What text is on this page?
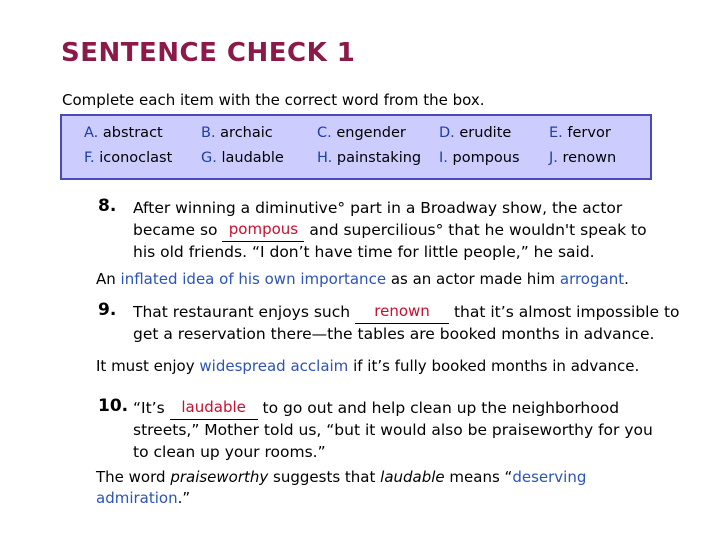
SENTENCE CHECK 1
Complete each item with the correct word from the box.
A. abstract	B. archaic	C. engender D. erudite	E. fervor
F. iconoclast G. laudable H. painstaking I. pompous J. renown
8. After winning a diminutive° part in a Broadway show, the actor
became so pompous and supercilious° that he wouldn't speak to
his old friends. “I don’t have time for little people,” he said.
An inflated idea of his own importance as an actor made him arrogant.
9. That restaurant enjoys such	renown	that it’s almost impossible to
get a reservation there—the tables are booked months in advance.
It must enjoy widespread acclaim if it’s fully booked months in advance.
10. “It’s laudable to go out and help clean up the neighborhood
streets,” Mother told us, “but it would also be praiseworthy for you
to clean up your rooms.”
The word praiseworthy suggests that laudable means “deserving
admiration.”
